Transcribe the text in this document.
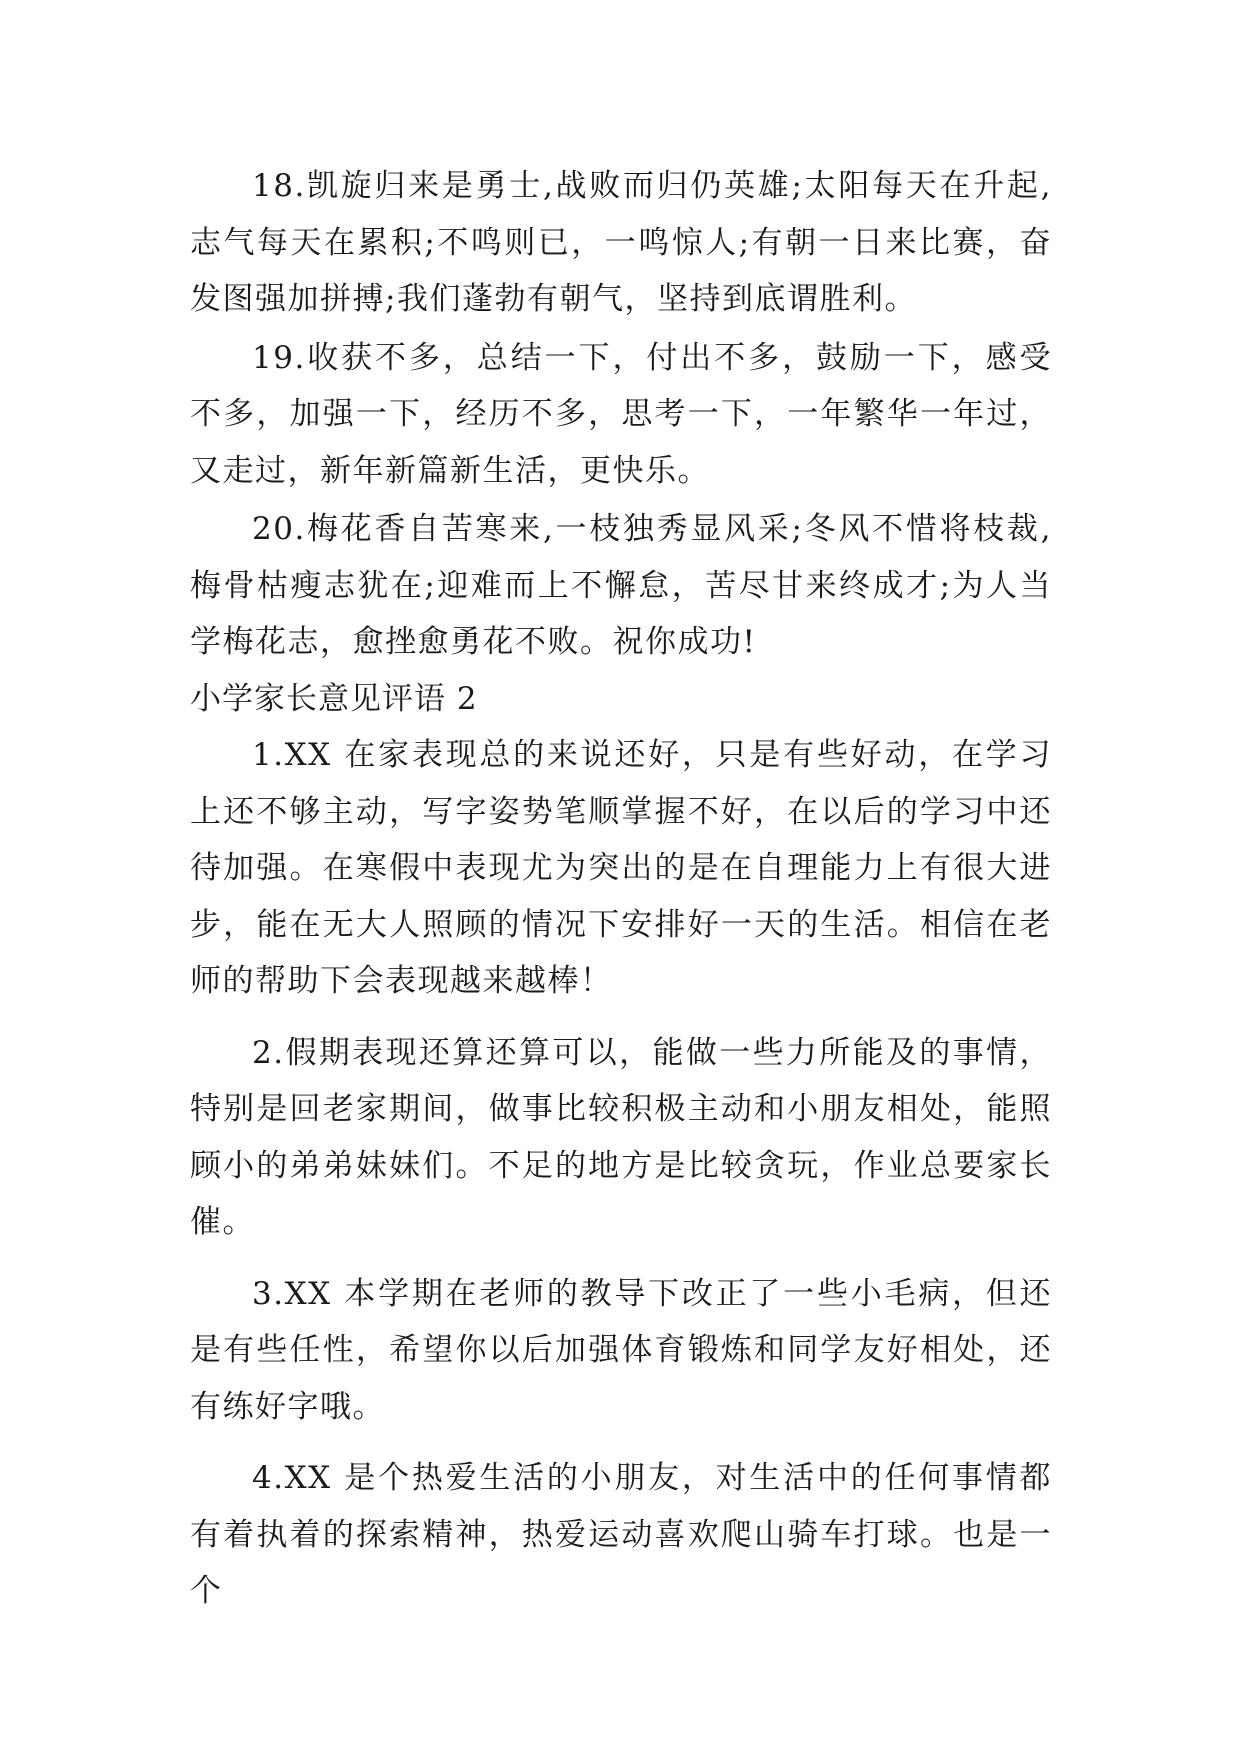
18.凯旋归来是勇士,战败而归仍英雄;太阳每天在升起,志气每天在累积;不鸣则已，一鸣惊人;有朝一日来比赛，奋发图强加拼搏;我们蓬勃有朝气，坚持到底谓胜利。

19.收获不多，总结一下，付出不多，鼓励一下，感受不多，加强一下，经历不多，思考一下，一年繁华一年过，又走过，新年新篇新生活，更快乐。

20.梅花香自苦寒来,一枝独秀显风采;冬风不惜将枝裁,梅骨枯瘦志犹在;迎难而上不懈怠，苦尽甘来终成才;为人当学梅花志，愈挫愈勇花不败。祝你成功!

小学家长意见评语 2

1.XX 在家表现总的来说还好，只是有些好动，在学习上还不够主动，写字姿势笔顺掌握不好，在以后的学习中还待加强。在寒假中表现尤为突出的是在自理能力上有很大进步，能在无大人照顾的情况下安排好一天的生活。相信在老师的帮助下会表现越来越棒！

2.假期表现还算还算可以，能做一些力所能及的事情，特别是回老家期间，做事比较积极主动和小朋友相处，能照顾小的弟弟妹妹们。不足的地方是比较贪玩，作业总要家长催。

3.XX 本学期在老师的教导下改正了一些小毛病，但还是有些任性，希望你以后加强体育锻炼和同学友好相处，还有练好字哦。

4.XX 是个热爱生活的小朋友，对生活中的任何事情都有着执着的探索精神，热爱运动喜欢爬山骑车打球。也是一个
